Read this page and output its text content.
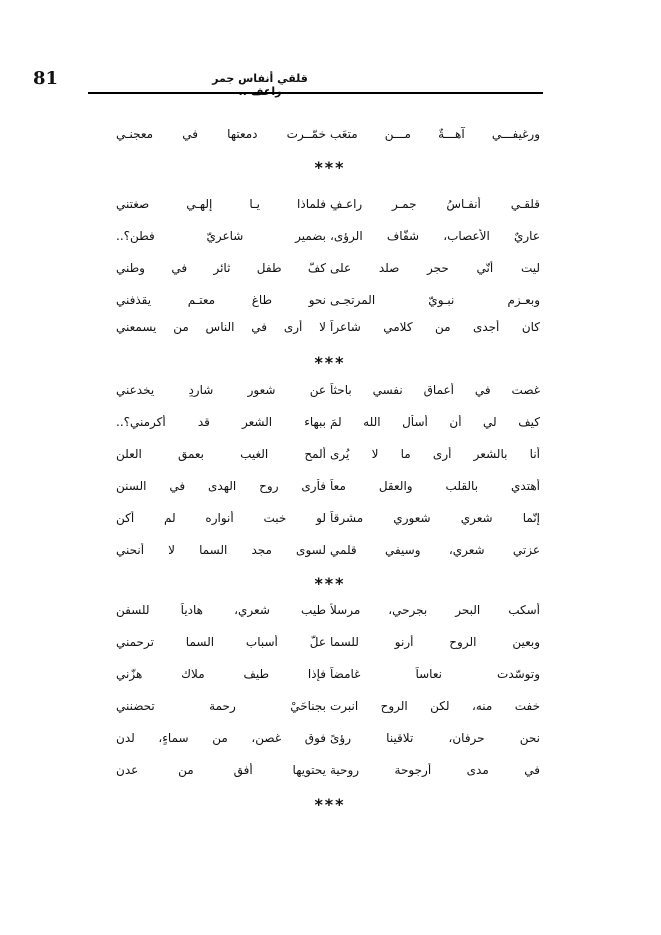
81	قلقي أنفاس جمر راعف ..
ورغيفـــي آهـــةٌ مـــن متعَبِ
خمّــرت دمعتها في معجنـي
***
قلقـي أنفـاسُ جمـرٍ راعـفٍ
فلماذا يـا إلهـي صغتني
عاريٌ الأعصاب، شفّاف الرؤى،
بضمير شاعريّ فطن؟..
ليت أنّي حجر صلد على
كفّ طفل ثائر في وطني
وبعـزم نبـويّ المرتجـى
نحو طاغ معتـمٍ يقذفني
كان أجدى من كلامي شاعراً
لا أرى في الناس من يسمعني
***
غصت في أعماق نفسي باحثاً
عن شعورٍ شاردٍ يخدعني
كيف لي أن أسأل الله لمَ
ببهاء الشعر قد أكرمني؟..
أنا بالشعر أرى ما لا يُرى
ألمح الغيب بعمق العلن
أهتدي بالقلب والعقل معاً
فأرى روح الهدى في السنن
إنّما شعري شعوري مشرقاً
لو خبت أنواره لم أكن
عزتي شعري، وسيفي قلمي
لسوى مجد السما لا أنحني
***
أسكب البحر بجرحي، مرسلاً
طيب شعري، هادياً للسفن
وبعين الروح أرنو للسما
علّ أسباب السما ترحمني
وتوسّدت نعاساً غامضاً
فإذا طيف ملاك هزّني
خفت منه، لكن الروح انبرت
بجناحَيْ رحمة تحضنني
نحن حرفان، تلاقينا رؤىً
فوق غصنٍ، من سماءٍ، لدن
في مدى أرجوحة روحية
يحتويها أفق من عدن
***
